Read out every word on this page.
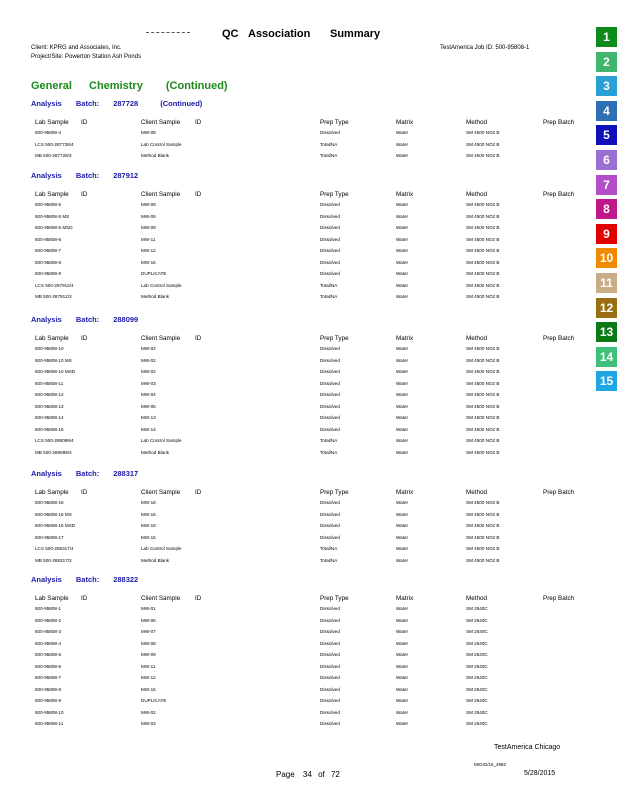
QC Association Summary
Client: KPRG and Associates, Inc.
Project/Site: Powerton Station Ash Ponds
TestAmerica Job ID: 500-95808-1
General Chemistry (Continued)
Analysis Batch: 287728	(Continued)
Lab Sample ID	Client Sample ID	Prep Type	Matrix	Method	Prep Batch
500-95808-4	MW-08	Dissolved	Water	SM 4500 NO2 B
LCS 500-287728/4	Lab Control Sample	Total/NA	Water	SM 4500 NO2 B
MB 500-287728/3	Method Blank	Total/NA	Water	SM 4500 NO2 B
Analysis Batch: 287912
Lab Sample ID	Client Sample ID	Prep Type	Matrix	Method	Prep Batch
500-95808-5	MW-09	Dissolved	Water	SM 4500 NO2 B
500-95808-5 MS	MW-09	Dissolved	Water	SM 4500 NO2 B
500-95808-5 MSD	MW-09	Dissolved	Water	SM 4500 NO2 B
500-95808-6	MW-11	Dissolved	Water	SM 4500 NO2 B
500-95808-7	MW-12	Dissolved	Water	SM 4500 NO2 B
500-95808-8	MW-16	Dissolved	Water	SM 4500 NO2 B
500-95808-9	DUPLICATE	Dissolved	Water	SM 4500 NO2 B
LCS 500-287912/4	Lab Control Sample	Total/NA	Water	SM 4500 NO2 B
MB 500-287912/3	Method Blank	Total/NA	Water	SM 4500 NO2 B
Analysis Batch: 288099
Lab Sample ID	Client Sample ID	Prep Type	Matrix	Method	Prep Batch
500-95808-10	MW-02	Dissolved	Water	SM 4500 NO2 B
500-95808-10 MS	MW-02	Dissolved	Water	SM 4500 NO2 B
500-95808-10 MSD	MW-02	Dissolved	Water	SM 4500 NO2 B
500-95808-11	MW-03	Dissolved	Water	SM 4500 NO2 B
500-95808-12	MW-04	Dissolved	Water	SM 4500 NO2 B
500-95808-13	MW-05	Dissolved	Water	SM 4500 NO2 B
500-95808-14	MW-13	Dissolved	Water	SM 4500 NO2 B
500-95808-15	MW-14	Dissolved	Water	SM 4500 NO2 B
LCS 500-288099/4	Lab Control Sample	Total/NA	Water	SM 4500 NO2 B
MB 500-288099/3	Method Blank	Total/NA	Water	SM 4500 NO2 B
Analysis Batch: 288317
Lab Sample ID	Client Sample ID	Prep Type	Matrix	Method	Prep Batch
500-95808-16	MW-18	Dissolved	Water	SM 4500 NO2 B
500-95808-16 MS	MW-18	Dissolved	Water	SM 4500 NO2 B
500-95808-16 MSD	MW-18	Dissolved	Water	SM 4500 NO2 B
500-95808-17	MW-15	Dissolved	Water	SM 4500 NO2 B
LCS 500-288317/4	Lab Control Sample	Total/NA	Water	SM 4500 NO2 B
MB 500-288317/3	Method Blank	Total/NA	Water	SM 4500 NO2 B
Analysis Batch: 288322
Lab Sample ID	Client Sample ID	Prep Type	Matrix	Method	Prep Batch
500-95808-1	MW-01	Dissolved	Water	SM 2540C
500-95808-2	MW-06	Dissolved	Water	SM 2540C
500-95808-3	MW-07	Dissolved	Water	SM 2540C
500-95808-4	MW-08	Dissolved	Water	SM 2540C
500-95808-5	MW-09	Dissolved	Water	SM 2540C
500-95808-6	MW-11	Dissolved	Water	SM 2540C
500-95808-7	MW-12	Dissolved	Water	SM 2540C
500-95808-8	MW-16	Dissolved	Water	SM 2540C
500-95808-9	DUPLICATE	Dissolved	Water	SM 2540C
500-95808-10	MW-02	Dissolved	Water	SM 2540C
500-95808-11	MW-03	Dissolved	Water	SM 2540C
1
2
3
4
5
6
7
8
9
10
11
12
13
14
15
TestAmerica Chicago
Page 34 of 72
MIGIG/16_4982
5/28/2015
